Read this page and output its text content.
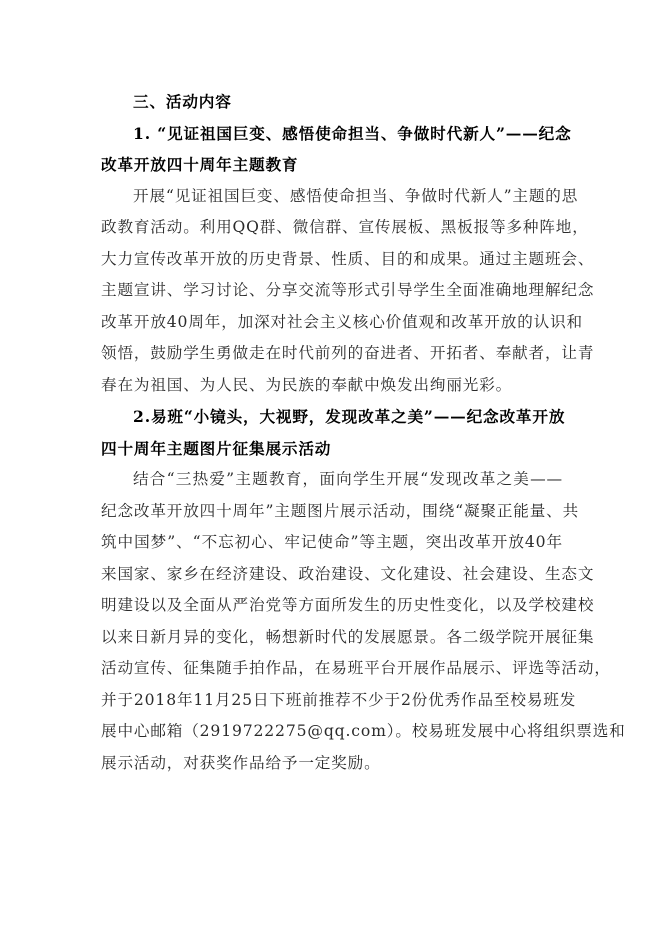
三、活动内容
1. “见证祖国巨变、感悟使命担当、争做时代新人”——纪念
改革开放四十周年主题教育
开展“见证祖国巨变、感悟使命担当、争做时代新人”主题的思
政教育活动。利用QQ群、微信群、宣传展板、黑板报等多种阵地，
大力宣传改革开放的历史背景、性质、目的和成果。通过主题班会、
主题宣讲、学习讨论、分享交流等形式引导学生全面准确地理解纪念
改革开放40周年，加深对社会主义核心价值观和改革开放的认识和
领悟，鼓励学生勇做走在时代前列的奋进者、开拓者、奉献者，让青
春在为祖国、为人民、为民族的奉献中焕发出绚丽光彩。
2.易班“小镜头，大视野，发现改革之美”——纪念改革开放
四十周年主题图片征集展示活动
结合“三热爱”主题教育，面向学生开展“发现改革之美——
纪念改革开放四十周年”主题图片展示活动，围绕“凝聚正能量、共
筑中国梦”、“不忘初心、牢记使命”等主题，突出改革开放40年
来国家、家乡在经济建设、政治建设、文化建设、社会建设、生态文
明建设以及全面从严治党等方面所发生的历史性变化，以及学校建校
以来日新月异的变化，畅想新时代的发展愿景。各二级学院开展征集
活动宣传、征集随手拍作品，在易班平台开展作品展示、评选等活动，
并于2018年11月25日下班前推荐不少于2份优秀作品至校易班发
展中心邮箱（2919722275@qq.com）。校易班发展中心将组织票选和
展示活动，对获奖作品给予一定奖励。
